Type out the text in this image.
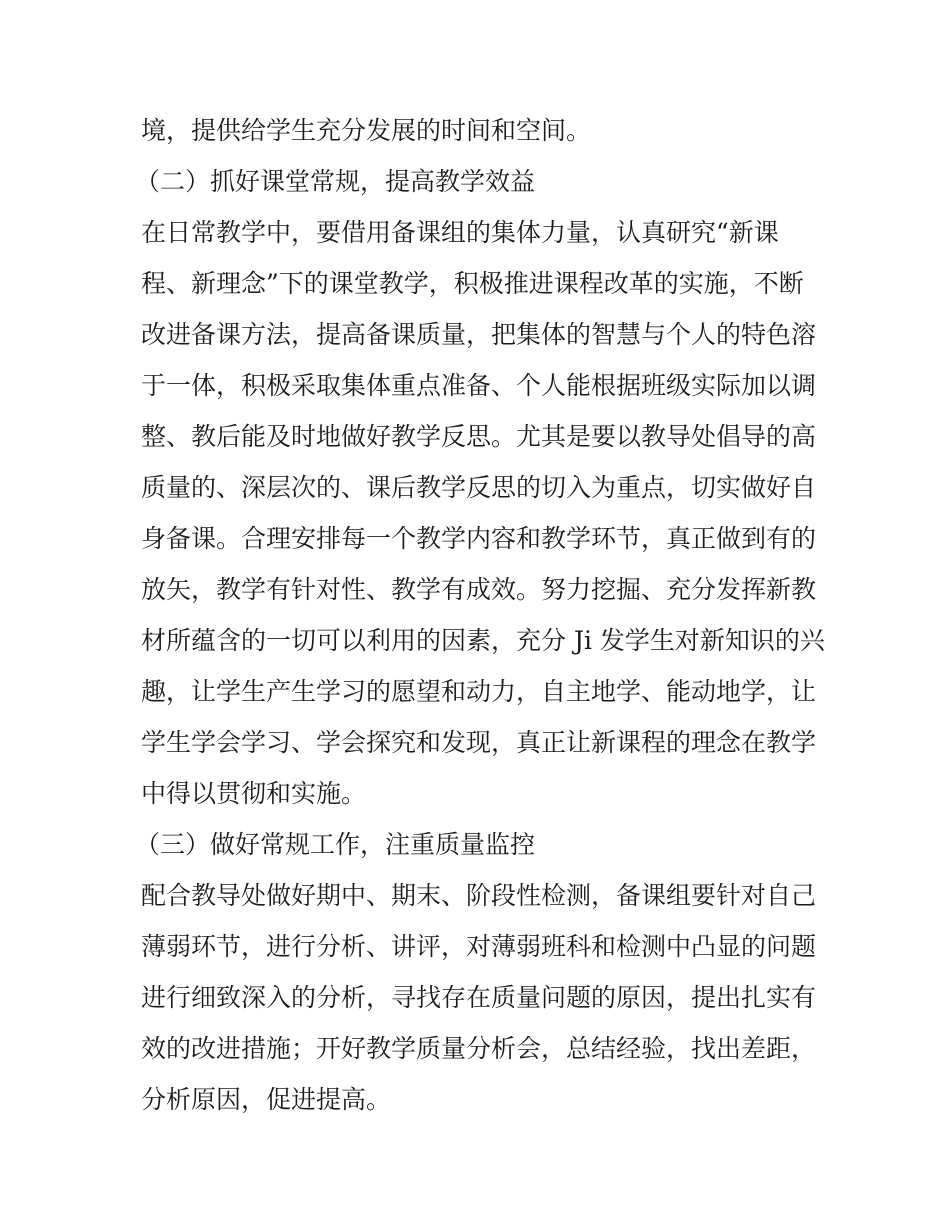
境，提供给学生充分发展的时间和空间。
（二）抓好课堂常规，提高教学效益
在日常教学中，要借用备课组的集体力量，认真研究“新课
程、新理念”下的课堂教学，积极推进课程改革的实施，不断
改进备课方法，提高备课质量，把集体的智慧与个人的特色溶
于一体，积极采取集体重点准备、个人能根据班级实际加以调
整、教后能及时地做好教学反思。尤其是要以教导处倡导的高
质量的、深层次的、课后教学反思的切入为重点，切实做好自
身备课。合理安排每一个教学内容和教学环节，真正做到有的
放矢，教学有针对性、教学有成效。努力挖掘、充分发挥新教
材所蕴含的一切可以利用的因素，充分 Ji 发学生对新知识的兴
趣，让学生产生学习的愿望和动力，自主地学、能动地学，让
学生学会学习、学会探究和发现，真正让新课程的理念在教学
中得以贯彻和实施。
（三）做好常规工作，注重质量监控
配合教导处做好期中、期末、阶段性检测，备课组要针对自己
薄弱环节，进行分析、讲评，对薄弱班科和检测中凸显的问题
进行细致深入的分析，寻找存在质量问题的原因，提出扎实有
效的改进措施；开好教学质量分析会，总结经验，找出差距，
分析原因，促进提高。
